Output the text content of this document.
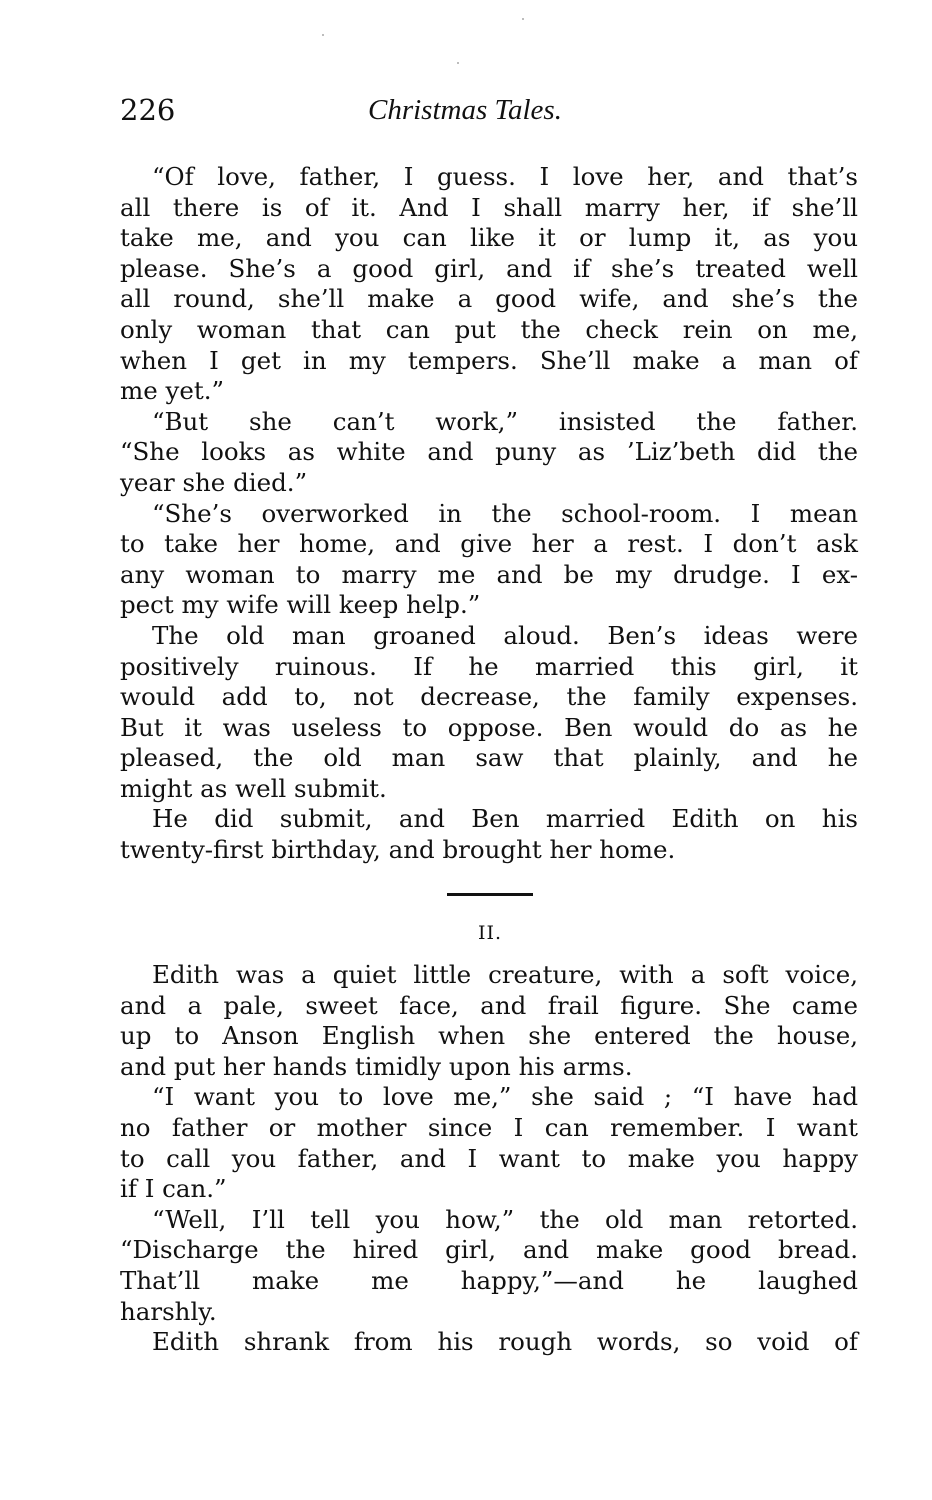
226	Christmas Tales.
“Of love, father, I guess. I love her, and that’s
all there is of it. And I shall marry her, if she’ll
take me, and you can like it or lump it, as you
please. She’s a good girl, and if she’s treated well
all round, she’ll make a good wife, and she’s the
only woman that can put the check rein on me,
when I get in my tempers. She’ll make a man of
me yet.”
“But she can’t work,” insisted the father.
“She looks as white and puny as ’Liz’beth did the
year she died.”
“She’s overworked in the school-room. I mean
to take her home, and give her a rest. I don’t ask
any woman to marry me and be my drudge. I ex-
pect my wife will keep help.”
The old man groaned aloud. Ben’s ideas were
positively ruinous. If he married this girl, it
would add to, not decrease, the family expenses.
But it was useless to oppose. Ben would do as he
pleased, the old man saw that plainly, and he
might as well submit.
He did submit, and Ben married Edith on his
twenty-first birthday, and brought her home.
II.
Edith was a quiet little creature, with a soft voice,
and a pale, sweet face, and frail figure. She came
up to Anson English when she entered the house,
and put her hands timidly upon his arms.
“I want you to love me,” she said ; “I have had
no father or mother since I can remember. I want
to call you father, and I want to make you happy
if I can.”
“Well, I’ll tell you how,” the old man retorted.
“Discharge the hired girl, and make good bread.
That’ll make me happy,”—and he laughed
harshly.
Edith shrank from his rough words, so void of
